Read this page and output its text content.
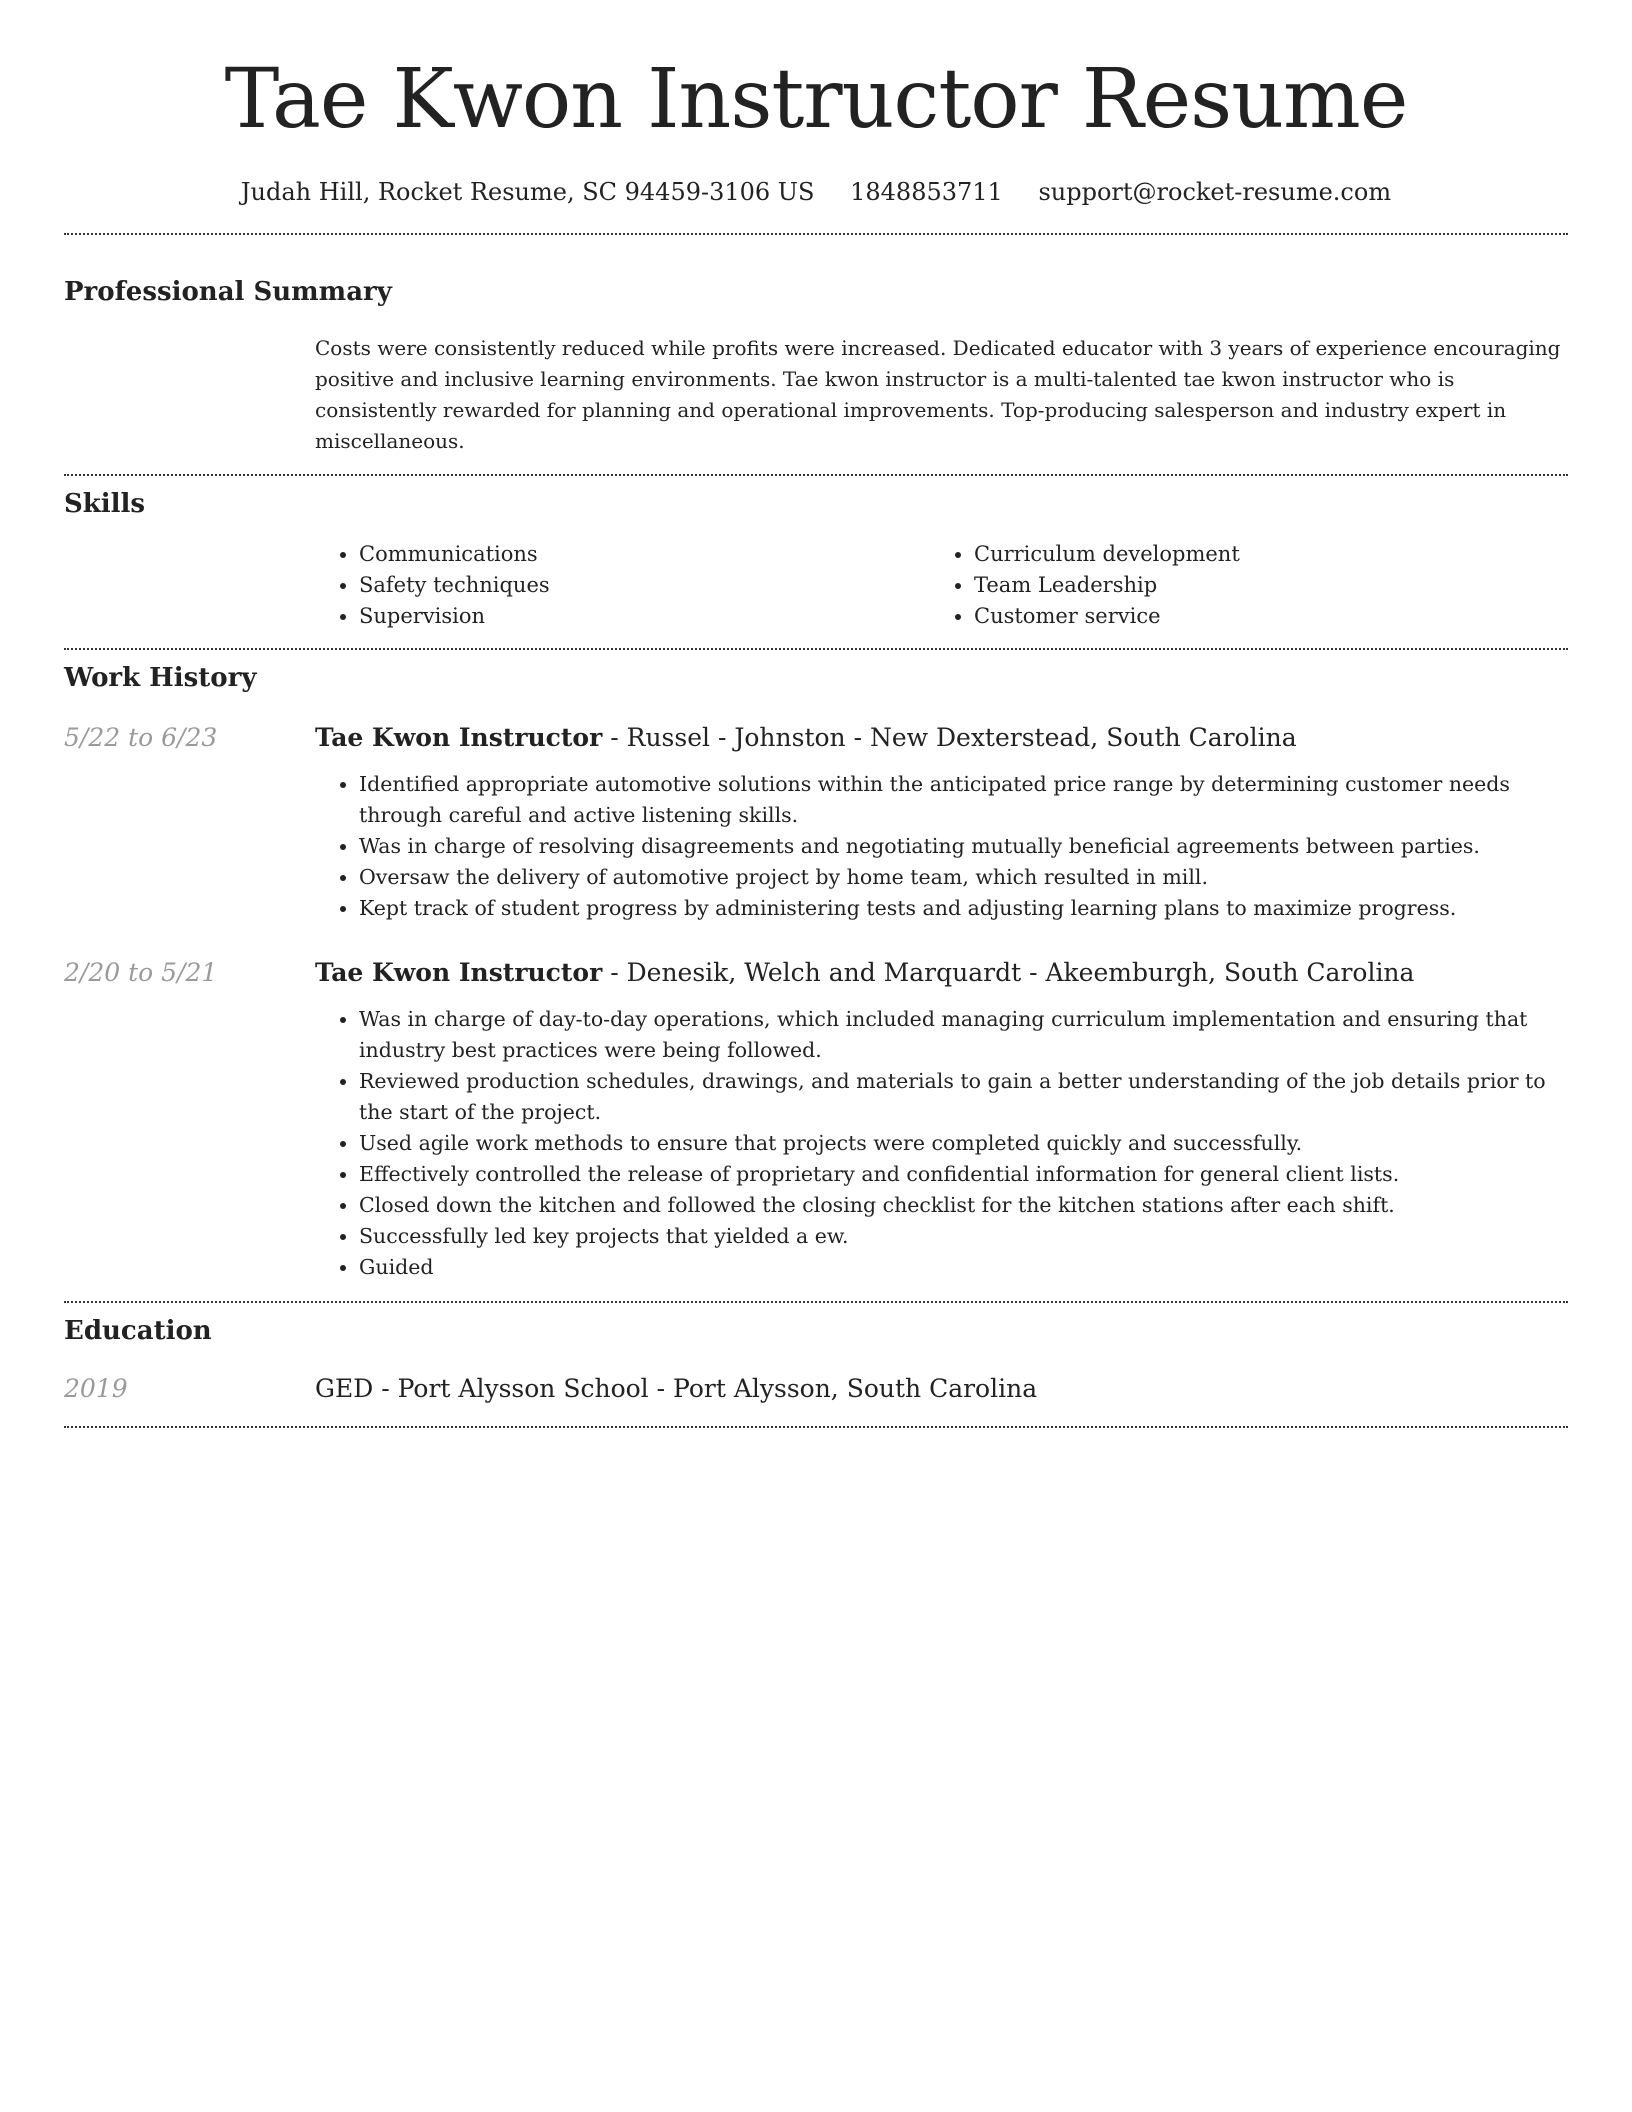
Tae Kwon Instructor Resume
Judah Hill, Rocket Resume, SC 94459-3106 US 1848853711 support@rocket-resume.com
Professional Summary

Costs were consistently reduced while profits were increased. Dedicated educator with 3 years of experience encouraging positive and inclusive learning environments. Tae kwon instructor is a multi-talented tae kwon instructor who is consistently rewarded for planning and operational improvements. Top-producing salesperson and industry expert in miscellaneous.

Skills
• Communications
• Safety techniques
• Supervision
• Curriculum development
• Team Leadership
• Customer service
Work History
5/22 to 6/23	Tae Kwon Instructor - Russel - Johnston - New Dexterstead, South Carolina
• Identified appropriate automotive solutions within the anticipated price range by determining customer needs through careful and active listening skills.
• Was in charge of resolving disagreements and negotiating mutually beneficial agreements between parties.
• Oversaw the delivery of automotive project by home team, which resulted in mill.
• Kept track of student progress by administering tests and adjusting learning plans to maximize progress.
2/20 to 5/21	Tae Kwon Instructor - Denesik, Welch and Marquardt - Akeemburgh, South Carolina
• Was in charge of day-to-day operations, which included managing curriculum implementation and ensuring that industry best practices were being followed.
• Reviewed production schedules, drawings, and materials to gain a better understanding of the job details prior to the start of the project.
• Used agile work methods to ensure that projects were completed quickly and successfully.
• Effectively controlled the release of proprietary and confidential information for general client lists.
• Closed down the kitchen and followed the closing checklist for the kitchen stations after each shift.
• Successfully led key projects that yielded a ew.
• Guided
Education
2019	GED - Port Alysson School - Port Alysson, South Carolina
